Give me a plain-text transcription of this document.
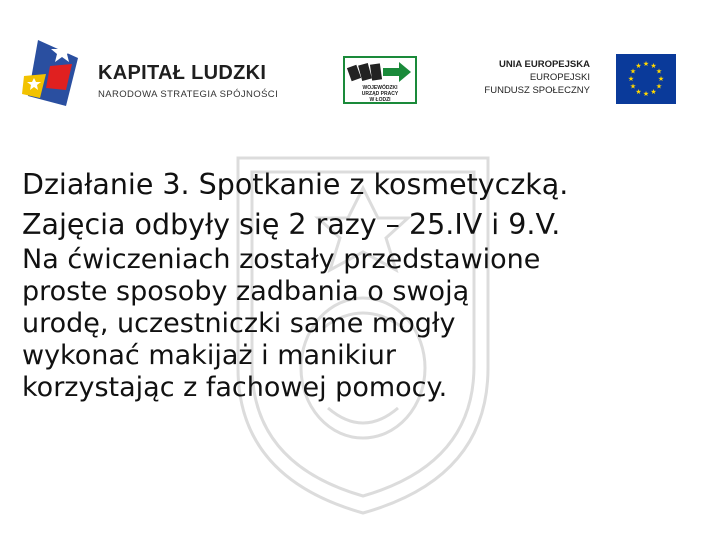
KAPITAŁ LUDZKI
NARODOWA STRATEGIA SPÓJNOŚCI
WOJEWÓDZKI
URZĄD PRACY
W ŁODZI
UNIA EUROPEJSKA
EUROPEJSKI
FUNDUSZ SPOŁECZNY
★ ★
★
★
★
★
★
★
★
★
★
★
Działanie 3. Spotkanie z kosmetyczką.
Zajęcia odbyły się 2 razy – 25.IV i 9.V.
Na ćwiczeniach zostały przedstawione
proste sposoby zadbania o swoją
urodę, uczestniczki same mogły
wykonać makijaż i manikiur
korzystając z fachowej pomocy.
